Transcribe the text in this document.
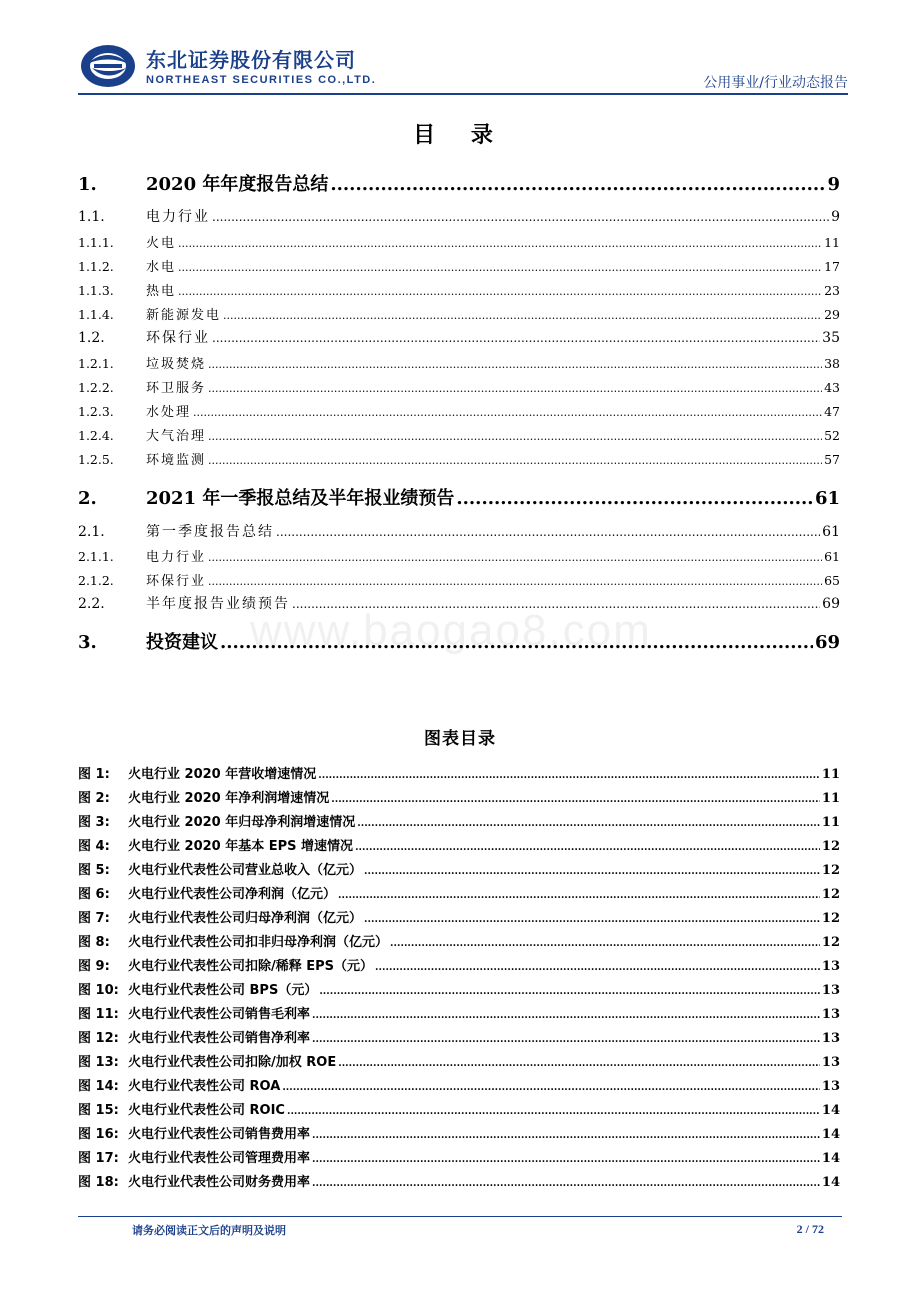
东北证券股份有限公司
NORTHEAST SECURITIES CO.,LTD.	公用事业/行业动态报告
目 录
1.	2020 年年度报告总结 .....	9
1.1.	电力行业 .....	9
1.1.1.	火电 .....	11
1.1.2.	水电 .....	17
1.1.3.	热电 .....	23
1.1.4.	新能源发电 .....	29
1.2.	环保行业 .....	35
1.2.1.	垃圾焚烧 .....	38
1.2.2.	环卫服务 .....	43
1.2.3.	水处理 .....	47
1.2.4.	大气治理 .....	52
1.2.5.	环境监测 .....	57
2.	2021 年一季报总结及半年报业绩预告 .....	61
2.1.	第一季度报告总结 .....	61
2.1.1.	电力行业 .....	61
2.1.2.	环保行业 .....	65
2.2.	半年度报告业绩预告 .....	69
3.	投资建议 .....	69
www.baogao8.com
图表目录
图 1:	火电行业 2020 年营收增速情况 .....	11
图 2:	火电行业 2020 年净利润增速情况 .....	11
图 3:	火电行业 2020 年归母净利润增速情况 .....	11
图 4:	火电行业 2020 年基本 EPS 增速情况 .....	12
图 5:	火电行业代表性公司营业总收入（亿元） .....	12
图 6:	火电行业代表性公司净利润（亿元） .....	12
图 7:	火电行业代表性公司归母净利润（亿元） .....	12
图 8:	火电行业代表性公司扣非归母净利润（亿元） .....	12
图 9:	火电行业代表性公司扣除/稀释 EPS（元） .....	13
图 10: 火电行业代表性公司 BPS（元） .....	13
图 11: 火电行业代表性公司销售毛利率 .....	13
图 12: 火电行业代表性公司销售净利率 .....	13
图 13: 火电行业代表性公司扣除/加权 ROE .....	13
图 14: 火电行业代表性公司 ROA .....	13
图 15: 火电行业代表性公司 ROIC .....	14
图 16: 火电行业代表性公司销售费用率 .....	14
图 17: 火电行业代表性公司管理费用率 .....	14
图 18: 火电行业代表性公司财务费用率 .....	14
请务必阅读正文后的声明及说明	2 / 72
